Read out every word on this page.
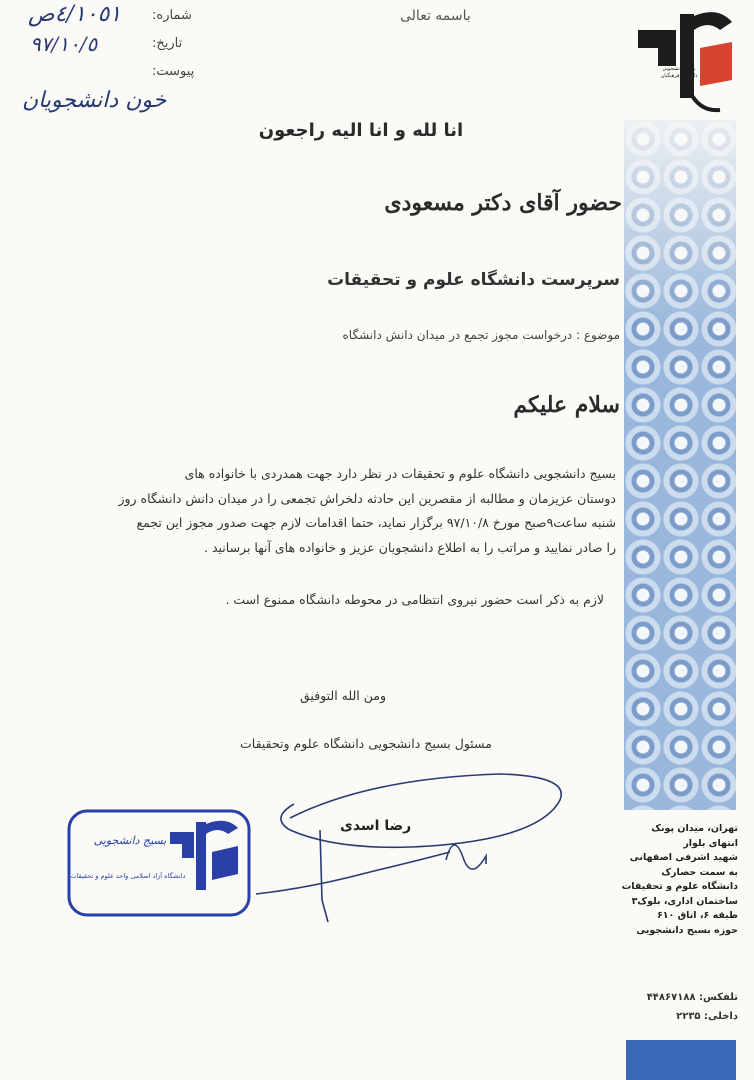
بسیج دانشجویی دانشگاه فرهنگیان
تهران، میدان پونک
انتهای بلوار
شهید اشرفی اصفهانی
به سمت حصارک
دانشگاه علوم و تحقیقات
ساختمان اداری، بلوک۳
طبقه ۶، اتاق ۶۱۰
حوزه بسیج دانشجویی
تلفکس: ۴۴۸۶۷۱۸۸
داخلی: ۲۲۳۵
باسمه تعالی
شماره:
تاریخ:
پیوست:
٤/١٠٥١ص
٩٧/١٠/٥
خون دانشجویان
انا لله و انا الیه راجعون
حضور آقای دکتر مسعودی
سرپرست دانشگاه علوم و تحقیقات
موضوع : درخواست مجوز تجمع در میدان دانش دانشگاه
سلام علیکم
بسیج دانشجویی دانشگاه علوم و تحقیقات در نظر دارد جهت همدردی با خانواده های
دوستان عزیزمان و مطالبه از مقصرین این حادثه دلخراش تجمعی را در میدان دانش دانشگاه روز
شنبه ساعت۹صبح مورخ ۹۷/۱۰/۸ برگزار نماید، حتما اقدامات لازم جهت صدور مجوز این تجمع
را صادر نمایید و مراتب را به اطلاع دانشجویان عزیز و خانواده های آنها برسانید .
لازم به ذکر است حضور نیروی انتظامی در محوطه دانشگاه ممنوع است .
ومن الله التوفیق
مسئول بسیج دانشجویی دانشگاه علوم وتحقیقات
رضا اسدی
بسیج دانشجویی
دانشگاه آزاد اسلامی واحد علوم و تحقیقات
